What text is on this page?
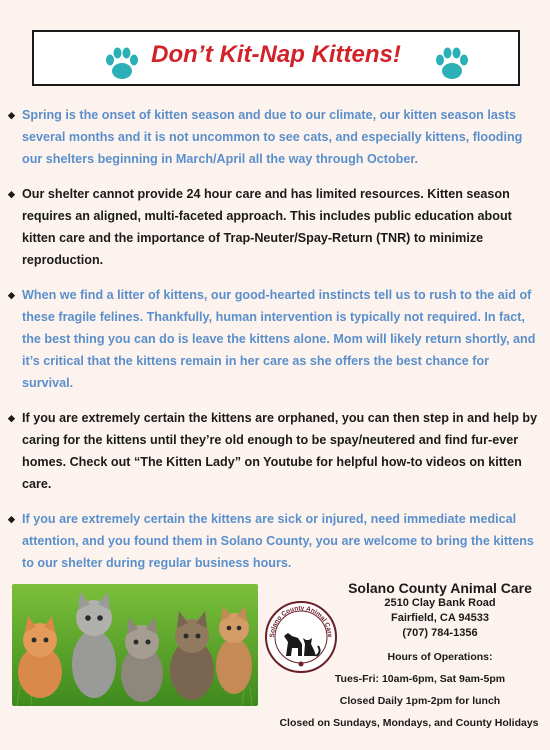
Don’t Kit-Nap Kittens!
◆ Spring is the onset of kitten season and due to our climate, our kitten season lasts several months and it is not uncommon to see cats, and especially kittens, flooding our shelters beginning in March/April all the way through October.
◆ Our shelter cannot provide 24 hour care and has limited resources. Kitten season requires an aligned, multi-faceted approach. This includes public education about kitten care and the importance of Trap-Neuter/Spay-Return (TNR) to minimize reproduction.
◆ When we find a litter of kittens, our good-hearted instincts tell us to rush to the aid of these fragile felines. Thankfully, human intervention is typically not required. In fact, the best thing you can do is leave the kittens alone. Mom will likely return shortly, and it’s critical that the kittens remain in her care as she offers the best chance for survival.
◆ If you are extremely certain the kittens are orphaned, you can then step in and help by caring for the kittens until they’re old enough to be spay/neutered and find fur-ever homes. Check out “The Kitten Lady” on Youtube for helpful how-to videos on kitten care.
◆ If you are extremely certain the kittens are sick or injured, need immediate medical attention, and you found them in Solano County, you are welcome to bring the kittens to our shelter during regular business hours.
Solano County Animal Care
Solano County Animal Care
2510 Clay Bank Road
Fairfield, CA 94533
(707) 784-1356
Hours of Operations:
Tues-Fri: 10am-6pm, Sat 9am-5pm
Closed Daily 1pm-2pm for lunch
Closed on Sundays, Mondays, and County Holidays
